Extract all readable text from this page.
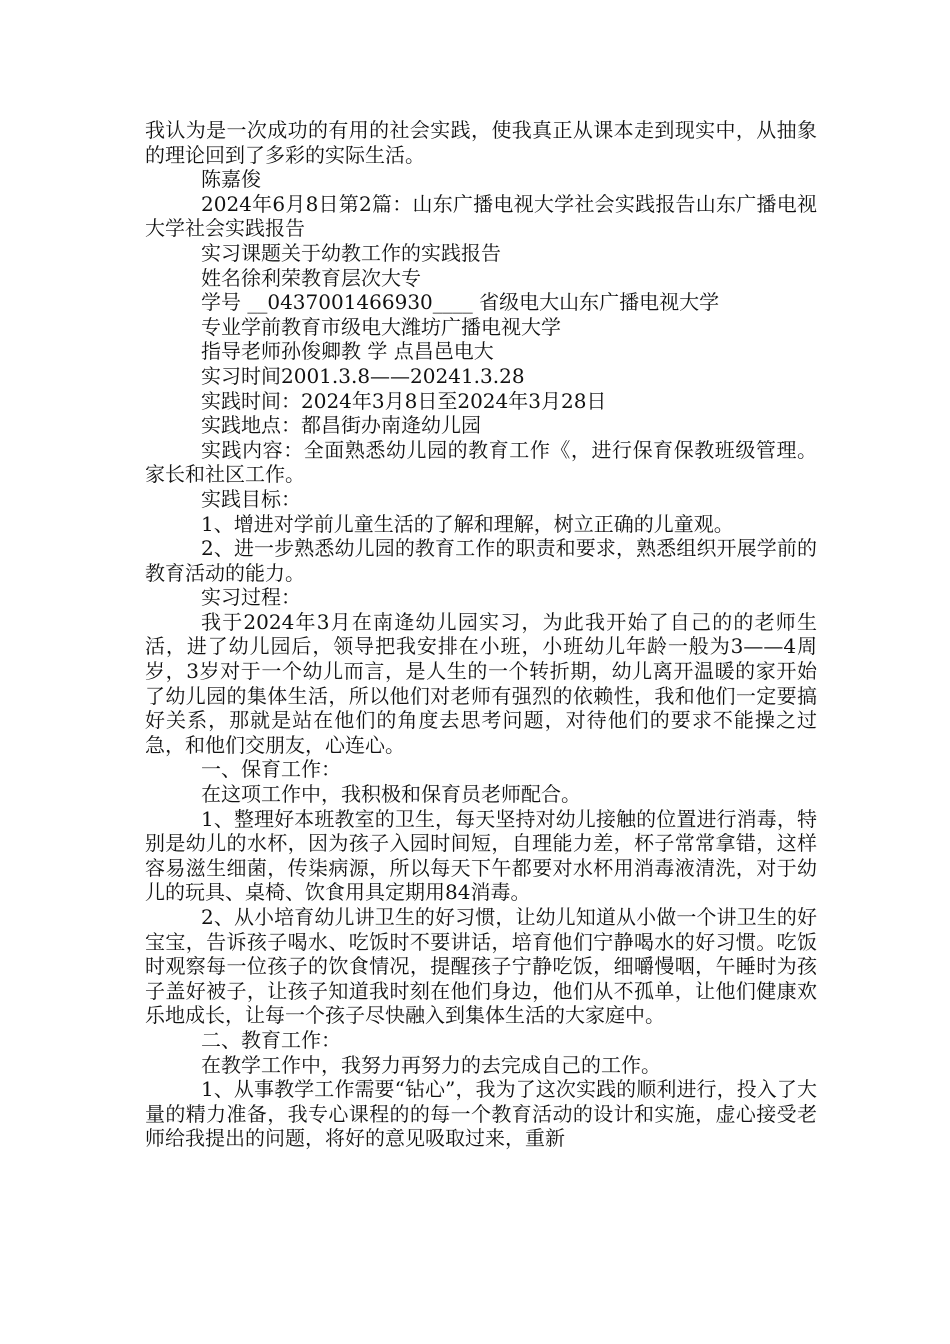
我认为是一次成功的有用的社会实践，使我真正从课本走到现实中，从抽象的理论回到了多彩的实际生活。

陈嘉俊

2024年6月8日第2篇：山东广播电视大学社会实践报告山东广播电视大学社会实践报告

实习课题关于幼教工作的实践报告

姓名徐利荣教育层次大专

学号 __0437001466930____ 省级电大山东广播电视大学

专业学前教育市级电大潍坊广播电视大学

指导老师孙俊卿教 学 点昌邑电大

实习时间2001.3.8——20241.3.28

实践时间：2024年3月8日至2024年3月28日

实践地点：都昌街办南逄幼儿园

实践内容：全面熟悉幼儿园的教育工作《，进行保育保教班级管理。家长和社区工作。

实践目标：

1、增进对学前儿童生活的了解和理解，树立正确的儿童观。

2、进一步熟悉幼儿园的教育工作的职责和要求，熟悉组织开展学前的教育活动的能力。

实习过程：

我于2024年3月在南逄幼儿园实习，为此我开始了自己的的老师生活，进了幼儿园后，领导把我安排在小班，小班幼儿年龄一般为3——4周岁，3岁对于一个幼儿而言，是人生的一个转折期，幼儿离开温暖的家开始了幼儿园的集体生活，所以他们对老师有强烈的依赖性，我和他们一定要搞好关系，那就是站在他们的角度去思考问题，对待他们的要求不能操之过急，和他们交朋友，心连心。

一、保育工作：

在这项工作中，我积极和保育员老师配合。

1、整理好本班教室的卫生，每天坚持对幼儿接触的位置进行消毒，特别是幼儿的水杯，因为孩子入园时间短，自理能力差，杯子常常拿错，这样容易滋生细菌，传柒病源，所以每天下午都要对水杯用消毒液清洗，对于幼儿的玩具、桌椅、饮食用具定期用84消毒。

2、从小培育幼儿讲卫生的好习惯，让幼儿知道从小做一个讲卫生的好宝宝，告诉孩子喝水、吃饭时不要讲话，培育他们宁静喝水的好习惯。吃饭时观察每一位孩子的饮食情况，提醒孩子宁静吃饭，细嚼慢咽，午睡时为孩子盖好被子，让孩子知道我时刻在他们身边，他们从不孤单，让他们健康欢乐地成长，让每一个孩子尽快融入到集体生活的大家庭中。

二、教育工作：

在教学工作中，我努力再努力的去完成自己的工作。

1、从事教学工作需要“钻心”，我为了这次实践的顺利进行，投入了大量的精力准备，我专心课程的的每一个教育活动的设计和实施，虚心接受老师给我提出的问题，将好的意见吸取过来，重新
